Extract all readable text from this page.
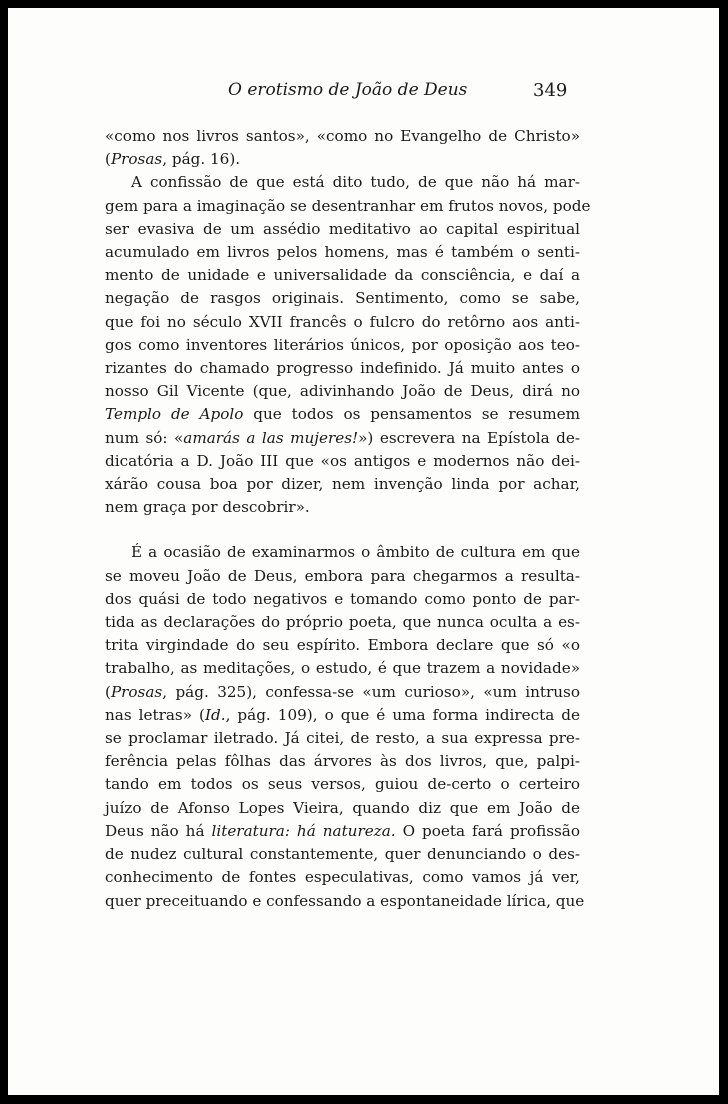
O erotismo de João de Deus	349

«como nos livros santos», «como no Evangelho de Christo»

(Prosas, pág. 16).

A confissão de que está dito tudo, de que não há mar-

gem para a imaginação se desentranhar em frutos novos, pode

ser evasiva de um assédio meditativo ao capital espiritual

acumulado em livros pelos homens, mas é também o senti-

mento de unidade e universalidade da consciência, e daí a

negação de rasgos originais. Sentimento, como se sabe,

que foi no século XVII francês o fulcro do retôrno aos anti-

gos como inventores literários únicos, por oposição aos teo-

rizantes do chamado progresso indefinido. Já muito antes o

nosso Gil Vicente (que, adivinhando João de Deus, dirá no

Templo de Apolo que todos os pensamentos se resumem

num só: «amarás a las mujeres!») escrevera na Epístola de-

dicatória a D. João III que «os antigos e modernos não dei-

xárão cousa boa por dizer, nem invenção linda por achar,

nem graça por descobrir».

É a ocasião de examinarmos o âmbito de cultura em que

se moveu João de Deus, embora para chegarmos a resulta-

dos quási de todo negativos e tomando como ponto de par-

tida as declarações do próprio poeta, que nunca oculta a es-

trita virgindade do seu espírito. Embora declare que só «o

trabalho, as meditações, o estudo, é que trazem a novidade»

(Prosas, pág. 325), confessa-se «um curioso», «um intruso

nas letras» (Id., pág. 109), o que é uma forma indirecta de

se proclamar iletrado. Já citei, de resto, a sua expressa pre-

ferência pelas fôlhas das árvores às dos livros, que, palpi-

tando em todos os seus versos, guiou de-certo o certeiro

juízo de Afonso Lopes Vieira, quando diz que em João de

Deus não há literatura: há natureza. O poeta fará profissão

de nudez cultural constantemente, quer denunciando o des-

conhecimento de fontes especulativas, como vamos já ver,

quer preceituando e confessando a espontaneidade lírica, que
